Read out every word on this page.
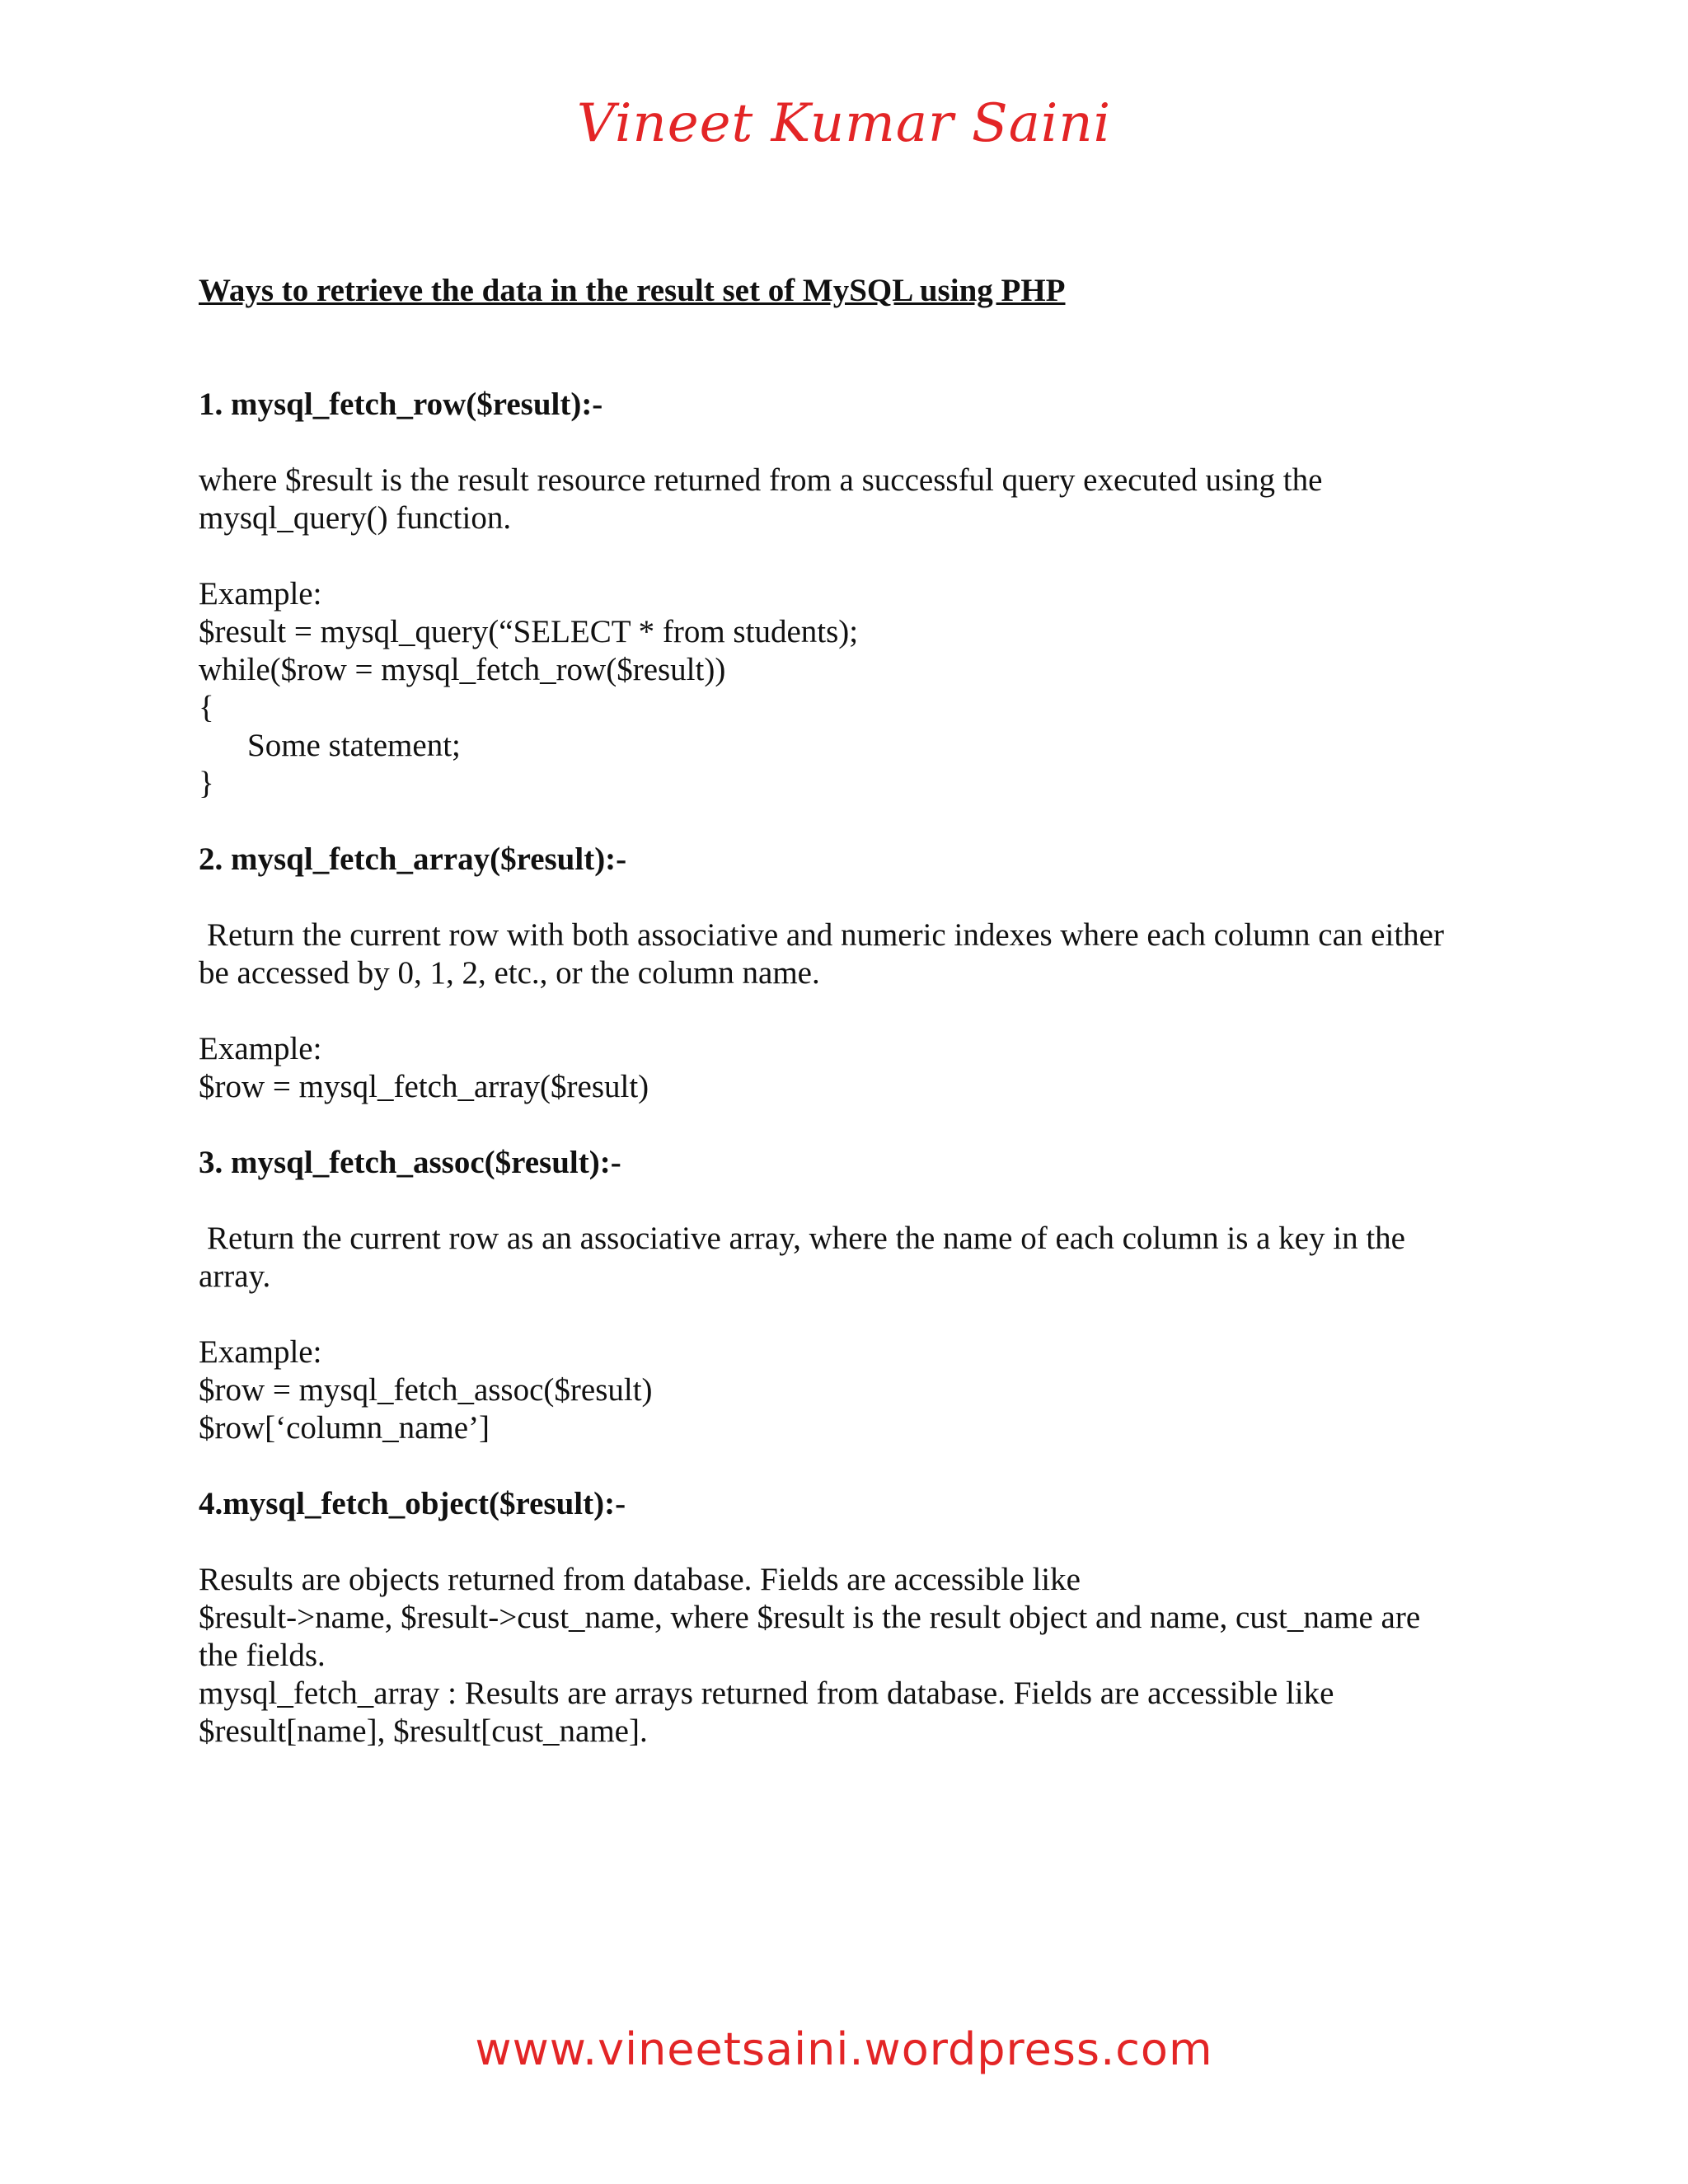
Vineet Kumar Saini
Ways to retrieve the data in the result set of MySQL using PHP
1. mysql_fetch_row($result):-
where $result is the result resource returned from a successful query executed using the
mysql_query() function.
Example:
$result = mysql_query(“SELECT * from students);
while($row = mysql_fetch_row($result))
{
Some statement;
}
2. mysql_fetch_array($result):-
Return the current row with both associative and numeric indexes where each column can either
be accessed by 0, 1, 2, etc., or the column name.
Example:
$row = mysql_fetch_array($result)
3. mysql_fetch_assoc($result):-
Return the current row as an associative array, where the name of each column is a key in the
array.
Example:
$row = mysql_fetch_assoc($result)
$row[‘column_name’]
4.mysql_fetch_object($result):-
Results are objects returned from database. Fields are accessible like
$result->name, $result->cust_name, where $result is the result object and name, cust_name are
the fields.
mysql_fetch_array : Results are arrays returned from database. Fields are accessible like
$result[name], $result[cust_name].
www.vineetsaini.wordpress.com
